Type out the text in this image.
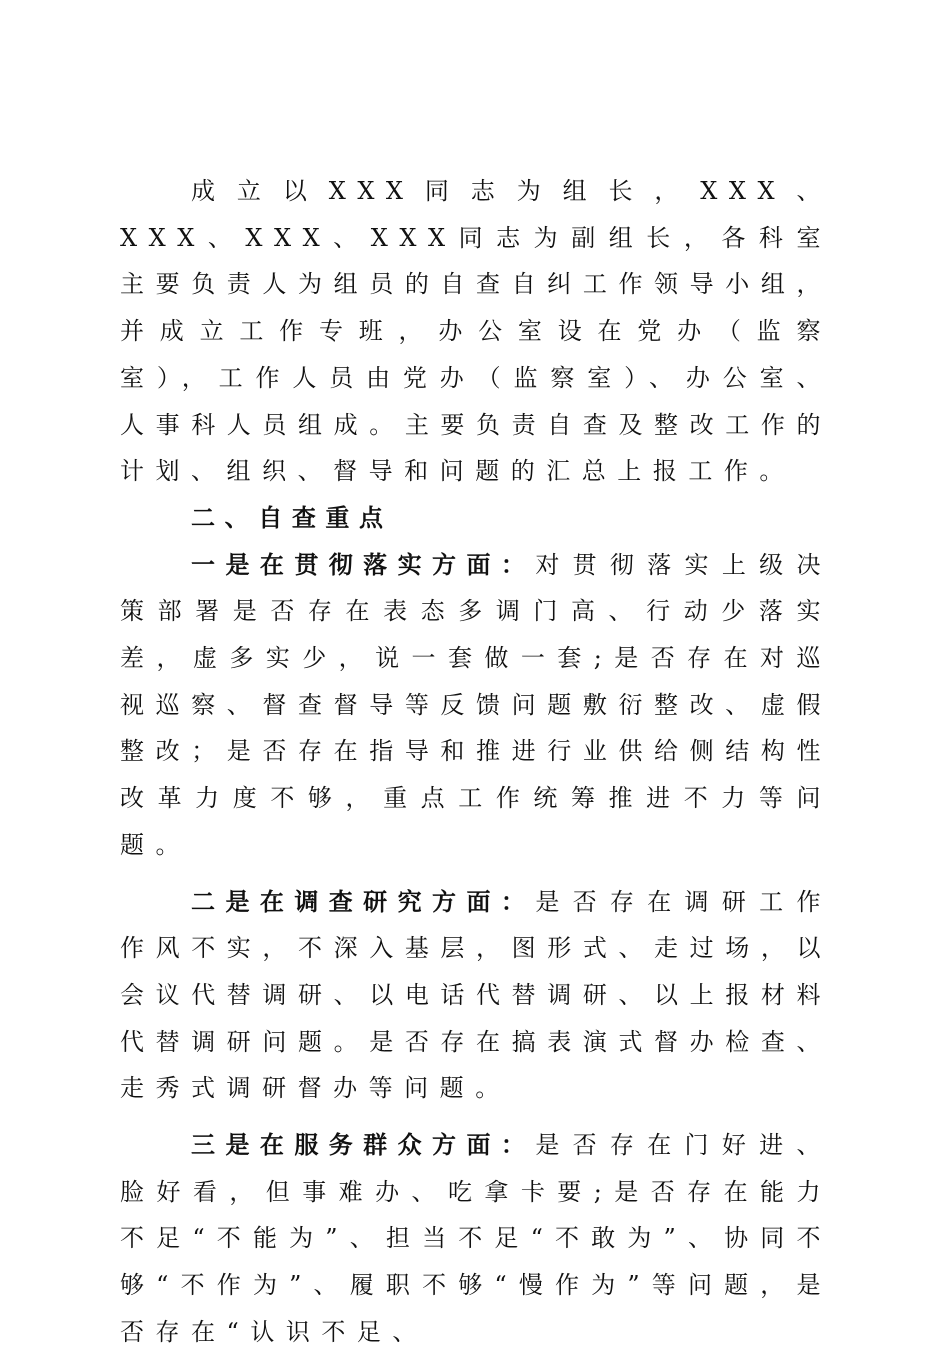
成立以XXX同志为组长，XXX、XXX、XXX、XXX同志为副组长，各科室主要负责人为组员的自查自纠工作领导小组，并成立工作专班，办公室设在党办（监察室），工作人员由党办（监察室）、办公室、人事科人员组成。主要负责自查及整改工作的计划、组织、督导和问题的汇总上报工作。

二、自查重点

一是在贯彻落实方面：对贯彻落实上级决策部署是否存在表态多调门高、行动少落实差，虚多实少，说一套做一套;是否存在对巡视巡察、督查督导等反馈问题敷衍整改、虚假整改；是否存在指导和推进行业供给侧结构性改革力度不够，重点工作统筹推进不力等问题。

二是在调查研究方面：是否存在调研工作作风不实，不深入基层，图形式、走过场，以会议代替调研、以电话代替调研、以上报材料代替调研问题。是否存在搞表演式督办检查、走秀式调研督办等问题。

三是在服务群众方面：是否存在门好进、脸好看，但事难办、吃拿卡要;是否存在能力不足“不能为”、担当不足“不敢为”、协同不够“不作为”、履职不够“慢作为”等问题，是否存在“认识不足、
